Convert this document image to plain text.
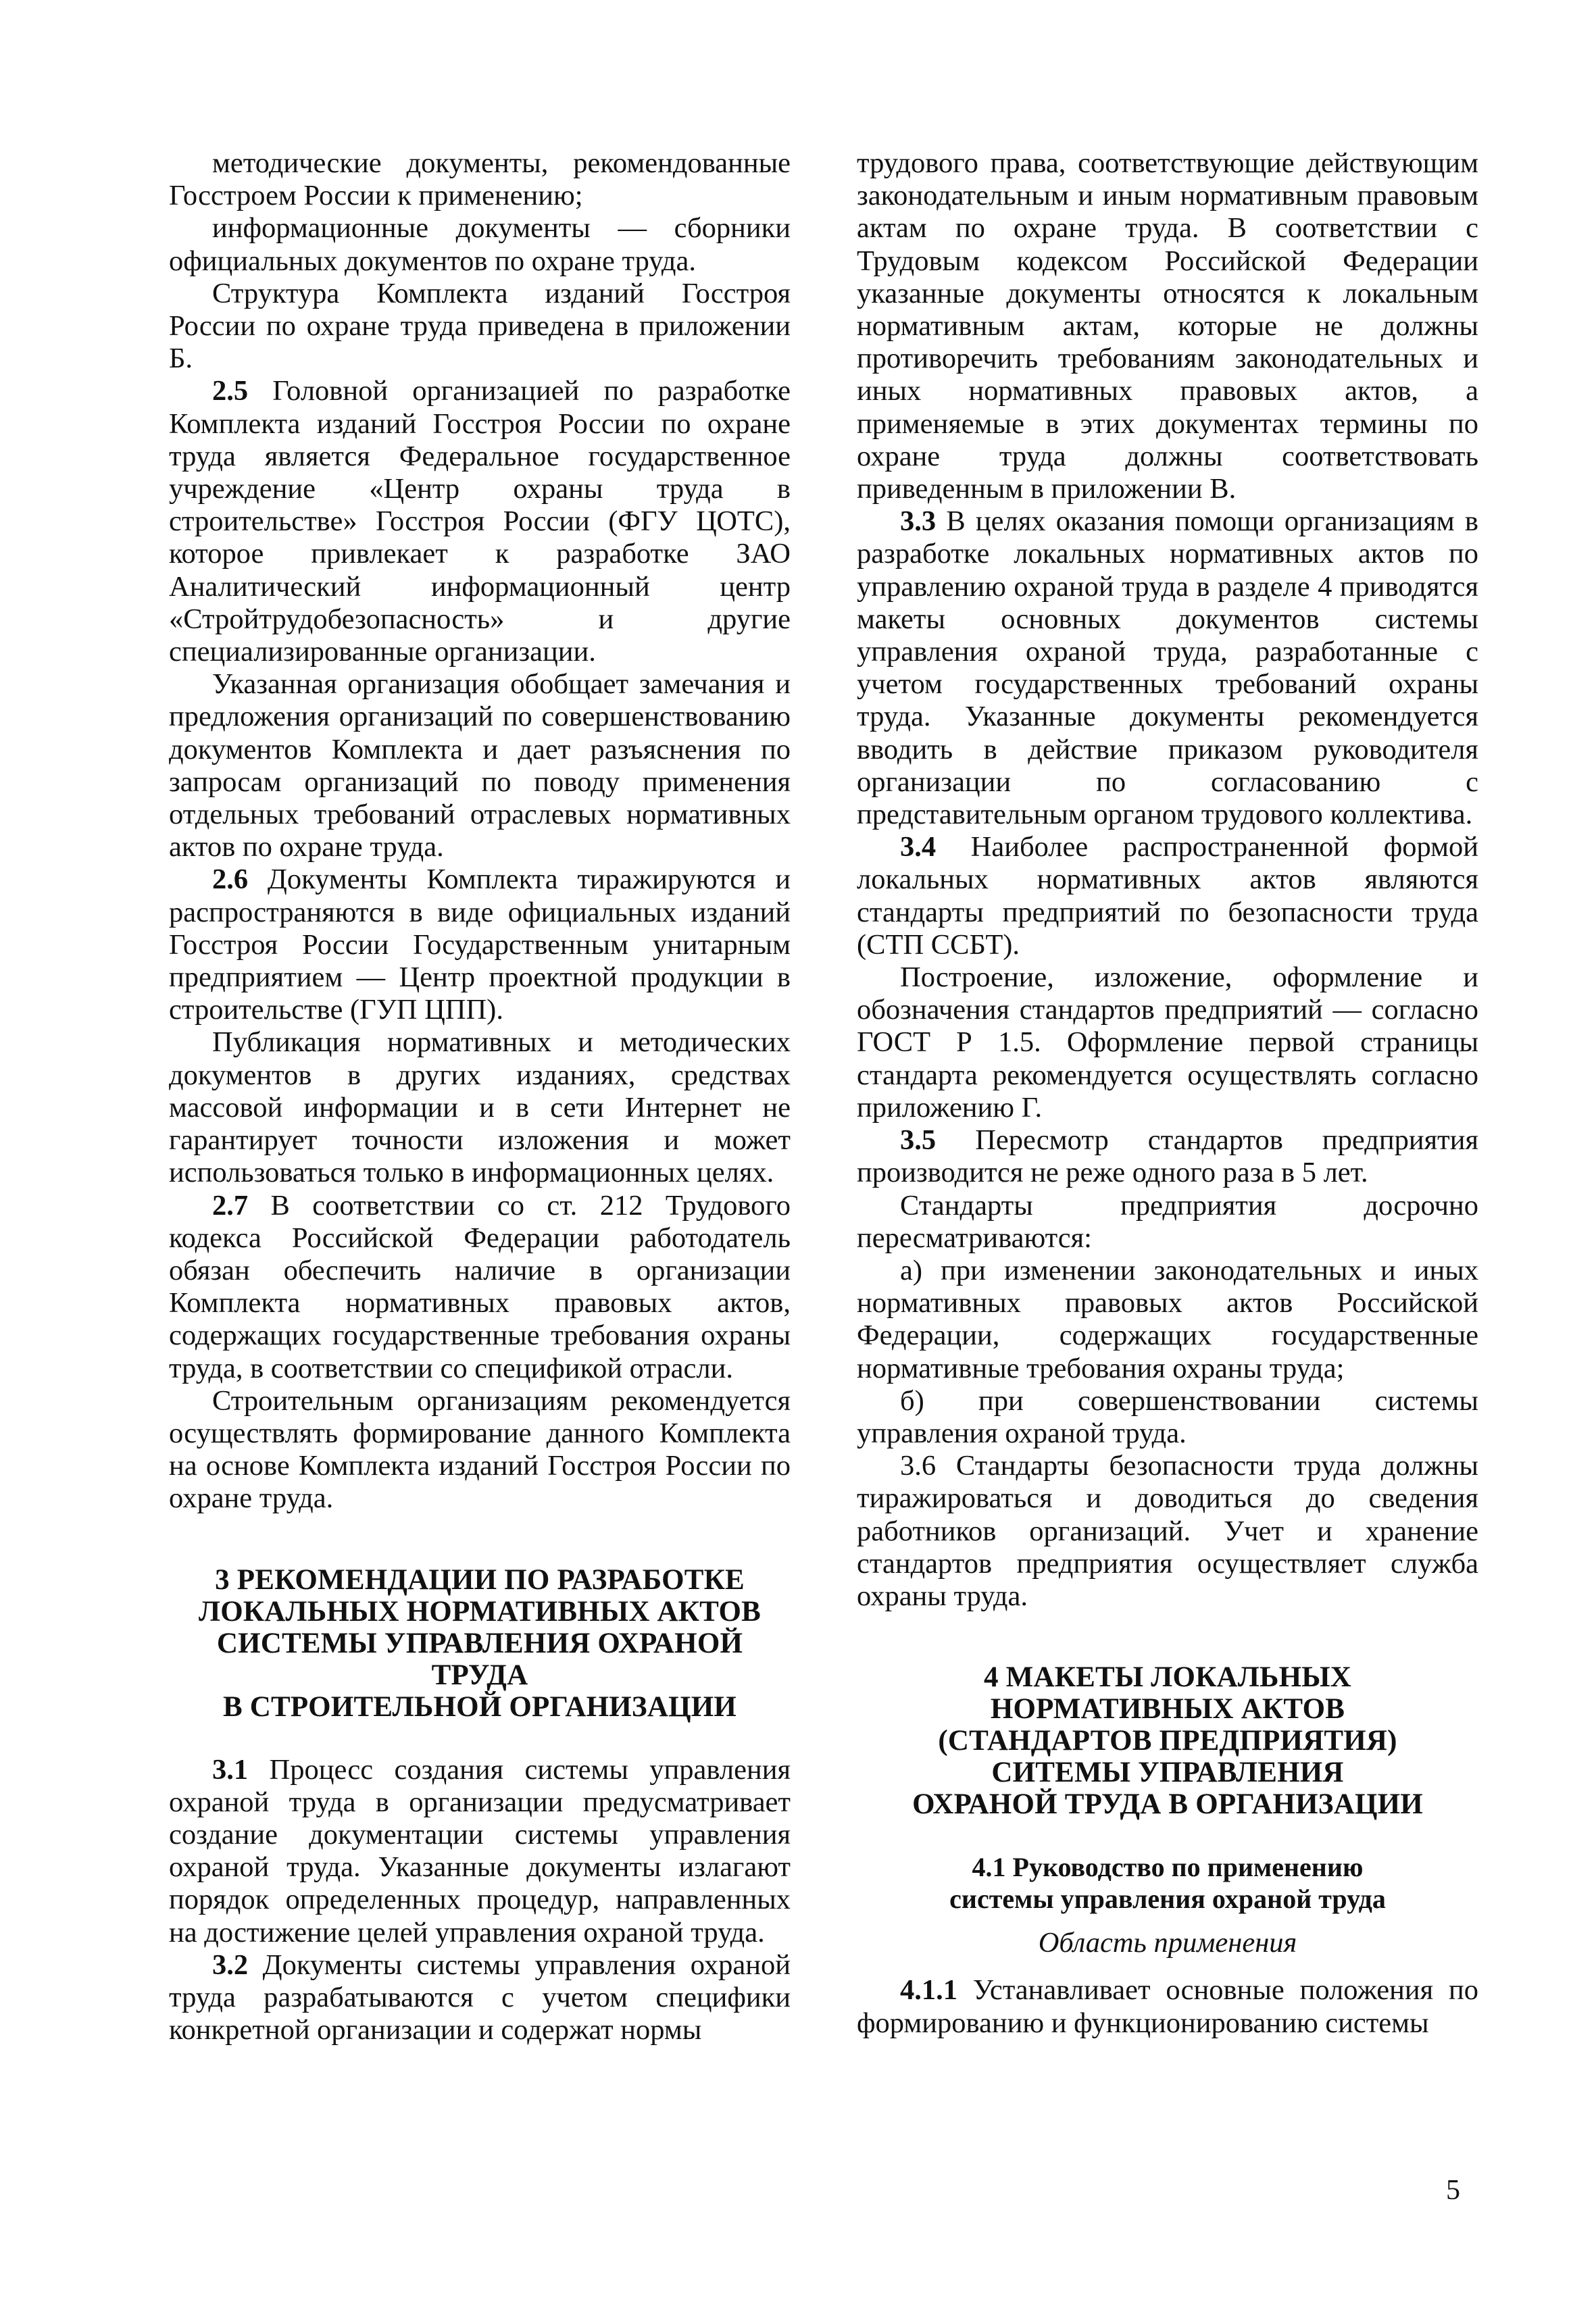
методические документы, рекомендованные Госстроем России к применению;

информационные документы — сборники официальных документов по охране труда.

Структура Комплекта изданий Госстроя России по охране труда приведена в приложении Б.

2.5 Головной организацией по разработке Комплекта изданий Госстроя России по охране труда является Федеральное государственное учреждение «Центр охраны труда в строительстве» Госстроя России (ФГУ ЦОТС), которое привлекает к разработке ЗАО Аналитический информационный центр «Стройтрудобезопасность» и другие специализированные организации.

Указанная организация обобщает замечания и предложения организаций по совершенствованию документов Комплекта и дает разъяснения по запросам организаций по поводу применения отдельных требований отраслевых нормативных актов по охране труда.

2.6 Документы Комплекта тиражируются и распространяются в виде официальных изданий Госстроя России Государственным унитарным предприятием — Центр проектной продукции в строительстве (ГУП ЦПП).

Публикация нормативных и методических документов в других изданиях, средствах массовой информации и в сети Интернет не гарантирует точности изложения и может использоваться только в информационных целях.

2.7 В соответствии со ст. 212 Трудового кодекса Российской Федерации работодатель обязан обеспечить наличие в организации Комплекта нормативных правовых актов, содержащих государственные требования охраны труда, в соответствии со спецификой отрасли.

Строительным организациям рекомендуется осуществлять формирование данного Комплекта на основе Комплекта изданий Госстроя России по охране труда.

3 РЕКОМЕНДАЦИИ ПО РАЗРАБОТКЕ
ЛОКАЛЬНЫХ НОРМАТИВНЫХ АКТОВ
СИСТЕМЫ УПРАВЛЕНИЯ ОХРАНОЙ ТРУДА
В СТРОИТЕЛЬНОЙ ОРГАНИЗАЦИИ

3.1 Процесс создания системы управления охраной труда в организации предусматривает создание документации системы управления охраной труда. Указанные документы излагают порядок определенных процедур, направленных на достижение целей управления охраной труда.

3.2 Документы системы управления охраной труда разрабатываются с учетом специфики конкретной организации и содержат нормы

трудового права, соответствующие действующим законодательным и иным нормативным правовым актам по охране труда. В соответствии с Трудовым кодексом Российской Федерации указанные документы относятся к локальным нормативным актам, которые не должны противоречить требованиям законодательных и иных нормативных правовых актов, а применяемые в этих документах термины по охране труда должны соответствовать приведенным в приложении В.

3.3 В целях оказания помощи организациям в разработке локальных нормативных актов по управлению охраной труда в разделе 4 приводятся макеты основных документов системы управления охраной труда, разработанные с учетом государственных требований охраны труда. Указанные документы рекомендуется вводить в действие приказом руководителя организации по согласованию с представительным органом трудового коллектива.

3.4 Наиболее распространенной формой локальных нормативных актов являются стандарты предприятий по безопасности труда (СТП ССБТ).

Построение, изложение, оформление и обозначения стандартов предприятий — согласно ГОСТ Р 1.5. Оформление первой страницы стандарта рекомендуется осуществлять согласно приложению Г.

3.5 Пересмотр стандартов предприятия производится не реже одного раза в 5 лет.

Стандарты предприятия досрочно пересматриваются:

а) при изменении законодательных и иных нормативных правовых актов Российской Федерации, содержащих государственные нормативные требования охраны труда;

б) при совершенствовании системы управления охраной труда.

3.6 Стандарты безопасности труда должны тиражироваться и доводиться до сведения работников организаций. Учет и хранение стандартов предприятия осуществляет служба охраны труда.

4 МАКЕТЫ ЛОКАЛЬНЫХ
НОРМАТИВНЫХ АКТОВ
(СТАНДАРТОВ ПРЕДПРИЯТИЯ)
СИТЕМЫ УПРАВЛЕНИЯ
ОХРАНОЙ ТРУДА В ОРГАНИЗАЦИИ
4.1 Руководство по применению
системы управления охраной труда

Область применения

4.1.1 Устанавливает основные положения по формированию и функционированию системы

5
